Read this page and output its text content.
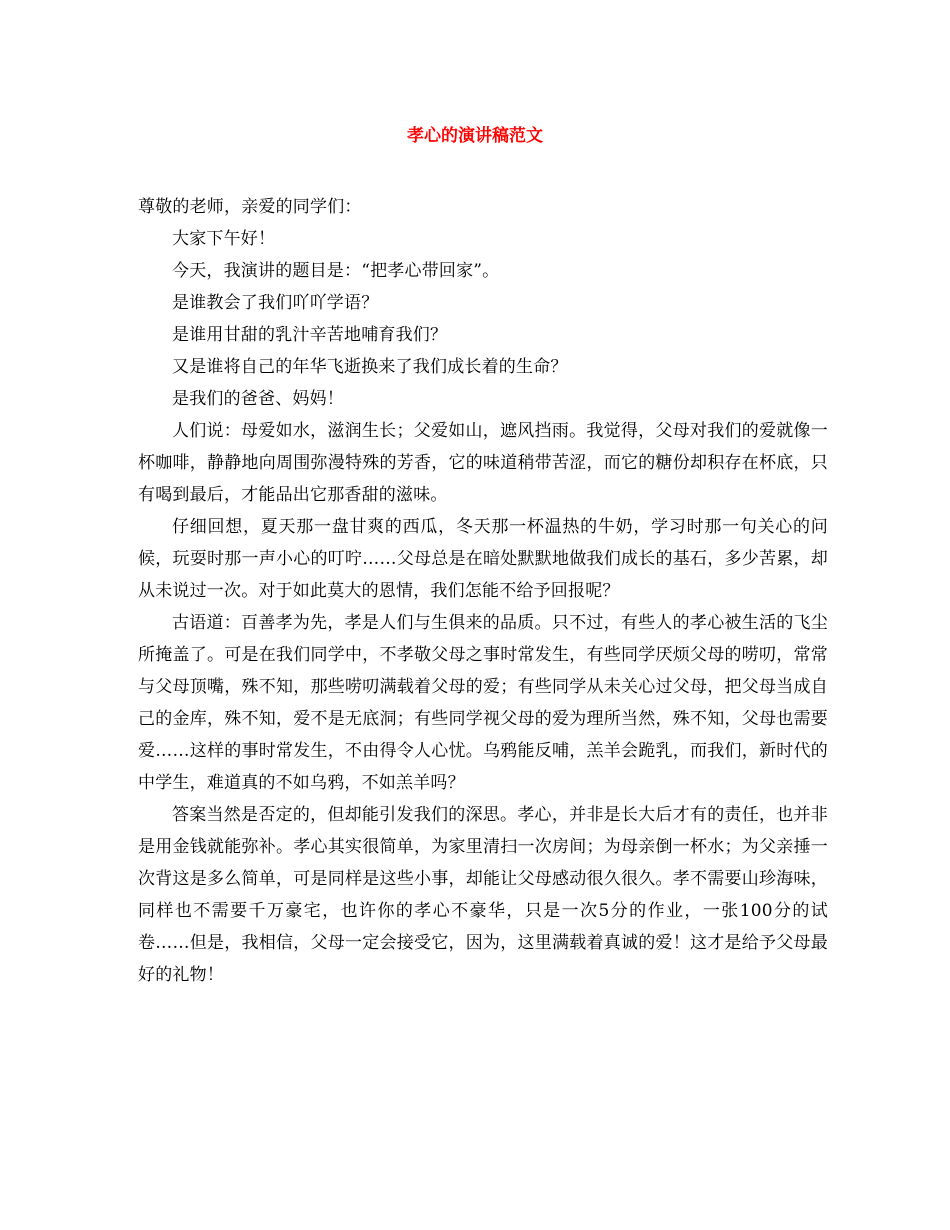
孝心的演讲稿范文

尊敬的老师，亲爱的同学们：

大家下午好！

今天，我演讲的题目是：“把孝心带回家”。

是谁教会了我们吖吖学语？

是谁用甘甜的乳汁辛苦地哺育我们？

又是谁将自己的年华飞逝换来了我们成长着的生命？

是我们的爸爸、妈妈！

人们说：母爱如水，滋润生长；父爱如山，遮风挡雨。我觉得，父母对我们的爱就像一杯咖啡，静静地向周围弥漫特殊的芳香，它的味道稍带苦涩，而它的糖份却积存在杯底，只有喝到最后，才能品出它那香甜的滋味。

仔细回想，夏天那一盘甘爽的西瓜，冬天那一杯温热的牛奶，学习时那一句关心的问候，玩耍时那一声小心的叮咛……父母总是在暗处默默地做我们成长的基石，多少苦累，却从未说过一次。对于如此莫大的恩情，我们怎能不给予回报呢？

古语道：百善孝为先，孝是人们与生俱来的品质。只不过，有些人的孝心被生活的飞尘所掩盖了。可是在我们同学中，不孝敬父母之事时常发生，有些同学厌烦父母的唠叨，常常与父母顶嘴，殊不知，那些唠叨满载着父母的爱；有些同学从未关心过父母，把父母当成自己的金库，殊不知，爱不是无底洞；有些同学视父母的爱为理所当然，殊不知，父母也需要爱……这样的事时常发生，不由得令人心忧。乌鸦能反哺，羔羊会跪乳，而我们，新时代的中学生，难道真的不如乌鸦，不如羔羊吗？

答案当然是否定的，但却能引发我们的深思。孝心，并非是长大后才有的责任，也并非是用金钱就能弥补。孝心其实很简单，为家里清扫一次房间；为母亲倒一杯水；为父亲捶一次背这是多么简单，可是同样是这些小事，却能让父母感动很久很久。孝不需要山珍海味，同样也不需要千万豪宅，也许你的孝心不豪华，只是一次5分的作业，一张100分的试卷……但是，我相信，父母一定会接受它，因为，这里满载着真诚的爱！这才是给予父母最好的礼物！
